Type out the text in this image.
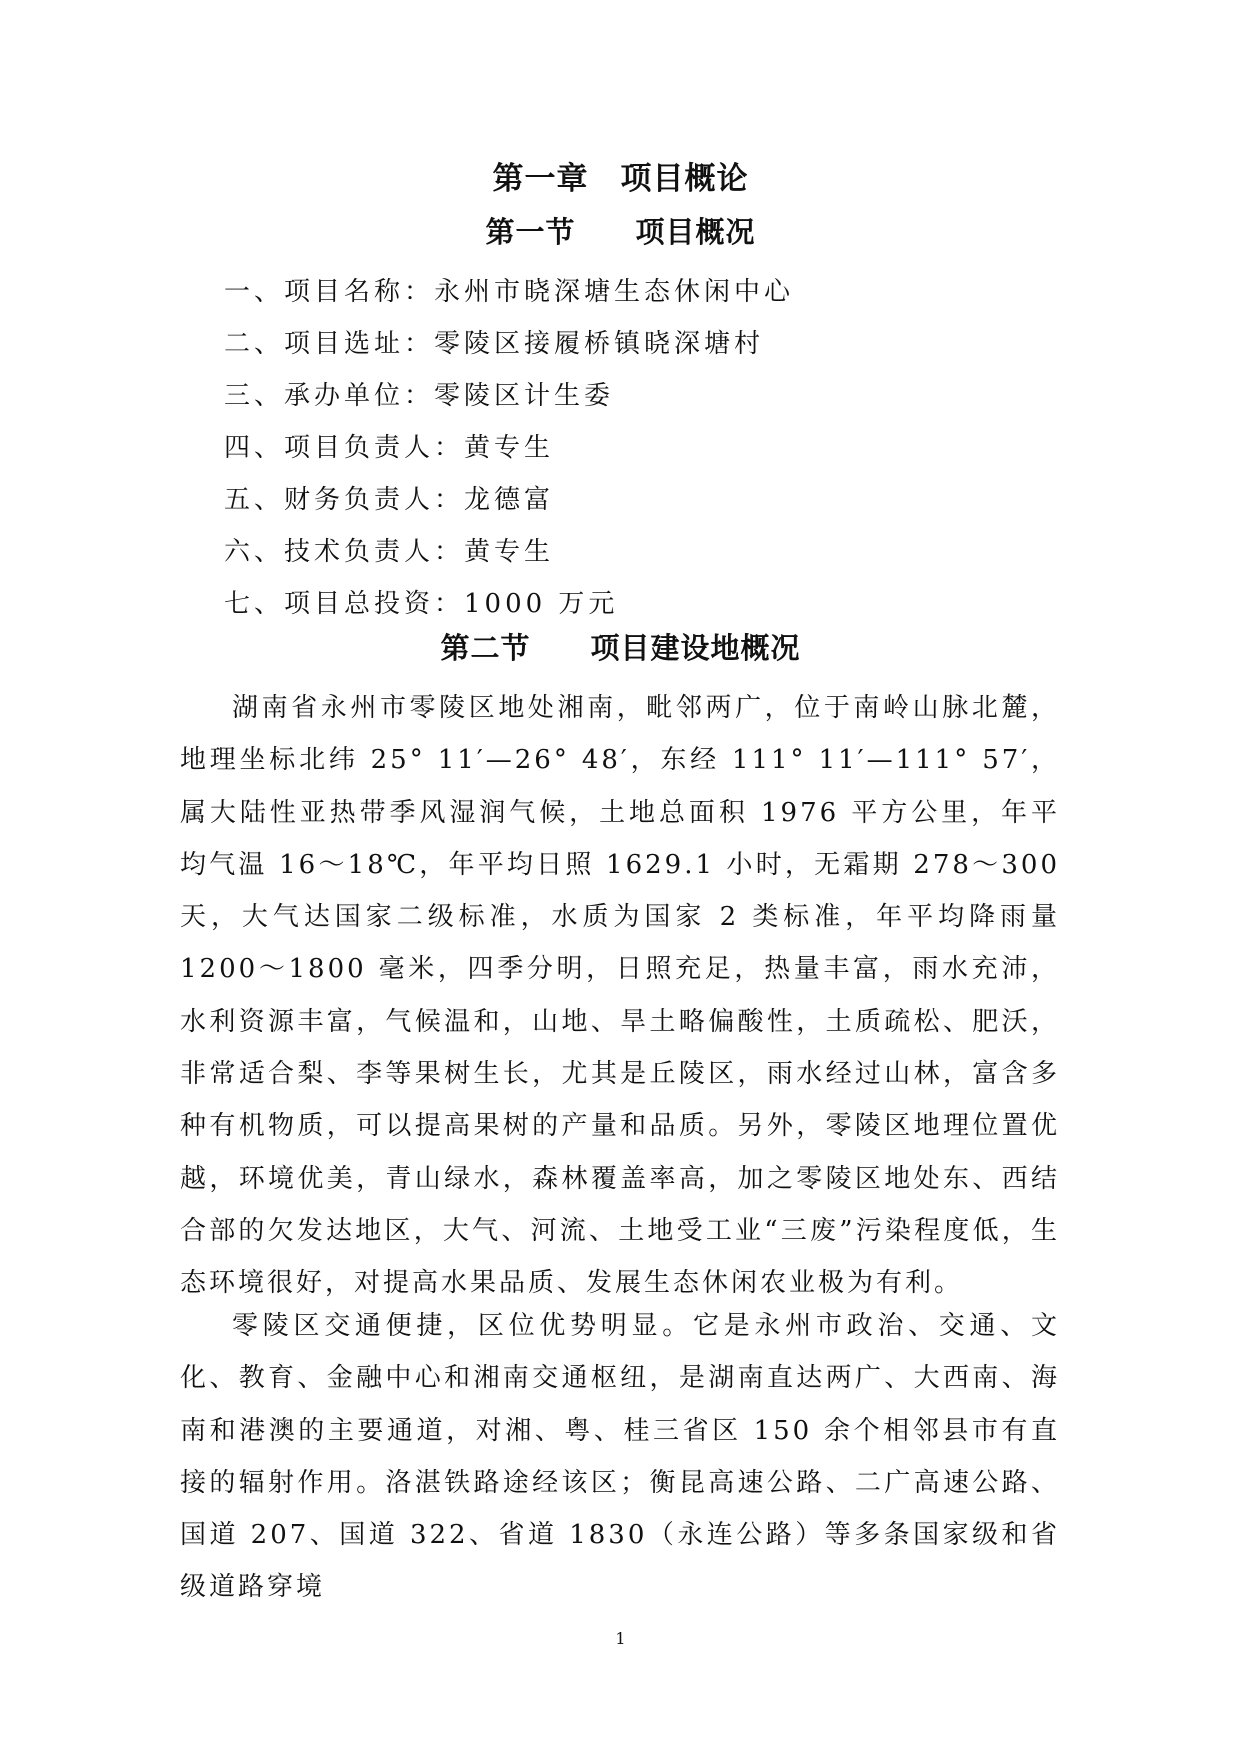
第一章　项目概论
第一节　　项目概况
一、项目名称：永州市晓深塘生态休闲中心
二、项目选址：零陵区接履桥镇晓深塘村
三、承办单位：零陵区计生委
四、项目负责人：黄专生
五、财务负责人：龙德富
六、技术负责人：黄专生
七、项目总投资：1000 万元
第二节　　项目建设地概况

湖南省永州市零陵区地处湘南，毗邻两广，位于南岭山脉北麓，地理坐标北纬 25° 11′—26° 48′，东经 111° 11′—111° 57′，属大陆性亚热带季风湿润气候，土地总面积 1976 平方公里，年平均气温 16～18℃，年平均日照 1629.1 小时，无霜期 278～300 天，大气达国家二级标准，水质为国家 2 类标准，年平均降雨量 1200～1800 毫米，四季分明，日照充足，热量丰富，雨水充沛，水利资源丰富，气候温和，山地、旱土略偏酸性，土质疏松、肥沃，非常适合梨、李等果树生长，尤其是丘陵区，雨水经过山林，富含多种有机物质，可以提高果树的产量和品质。另外，零陵区地理位置优越，环境优美，青山绿水，森林覆盖率高，加之零陵区地处东、西结合部的欠发达地区，大气、河流、土地受工业“三废”污染程度低，生态环境很好，对提高水果品质、发展生态休闲农业极为有利。

零陵区交通便捷，区位优势明显。它是永州市政治、交通、文化、教育、金融中心和湘南交通枢纽，是湖南直达两广、大西南、海南和港澳的主要通道，对湘、粤、桂三省区 150 余个相邻县市有直接的辐射作用。洛湛铁路途经该区；衡昆高速公路、二广高速公路、国道 207、国道 322、省道 1830（永连公路）等多条国家级和省级道路穿境

1
